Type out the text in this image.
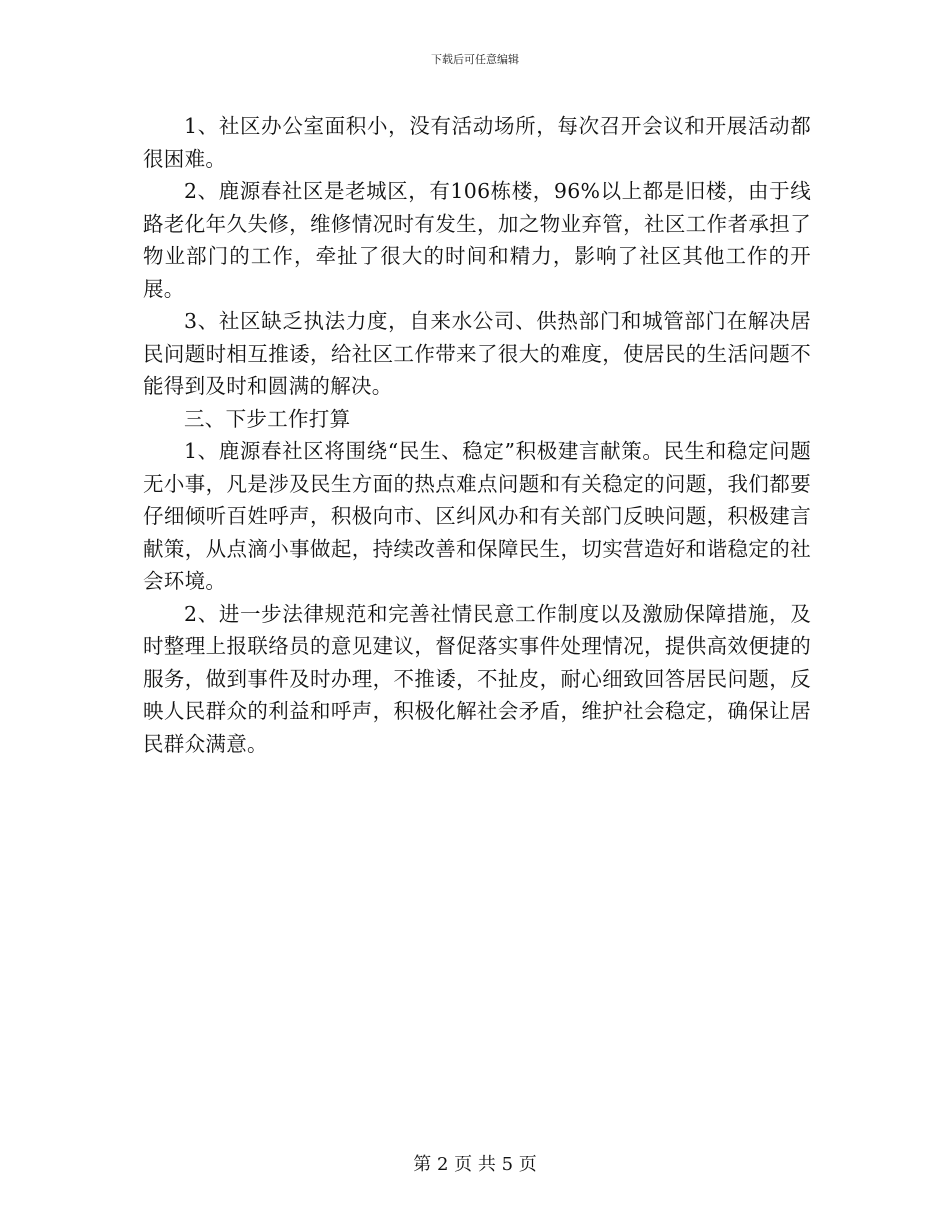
下载后可任意编辑

1、社区办公室面积小，没有活动场所，每次召开会议和开展活动都很困难。

2、鹿源春社区是老城区，有106栋楼，96%以上都是旧楼，由于线路老化年久失修，维修情况时有发生，加之物业弃管，社区工作者承担了物业部门的工作，牵扯了很大的时间和精力，影响了社区其他工作的开展。

3、社区缺乏执法力度，自来水公司、供热部门和城管部门在解决居民问题时相互推诿，给社区工作带来了很大的难度，使居民的生活问题不能得到及时和圆满的解决。

三、下步工作打算

1、鹿源春社区将围绕“民生、稳定”积极建言献策。民生和稳定问题无小事，凡是涉及民生方面的热点难点问题和有关稳定的问题，我们都要仔细倾听百姓呼声，积极向市、区纠风办和有关部门反映问题，积极建言献策，从点滴小事做起，持续改善和保障民生，切实营造好和谐稳定的社会环境。

2、进一步法律规范和完善社情民意工作制度以及激励保障措施，及时整理上报联络员的意见建议，督促落实事件处理情况，提供高效便捷的服务，做到事件及时办理，不推诿，不扯皮，耐心细致回答居民问题，反映人民群众的利益和呼声，积极化解社会矛盾，维护社会稳定，确保让居民群众满意。

第 2 页 共 5 页
